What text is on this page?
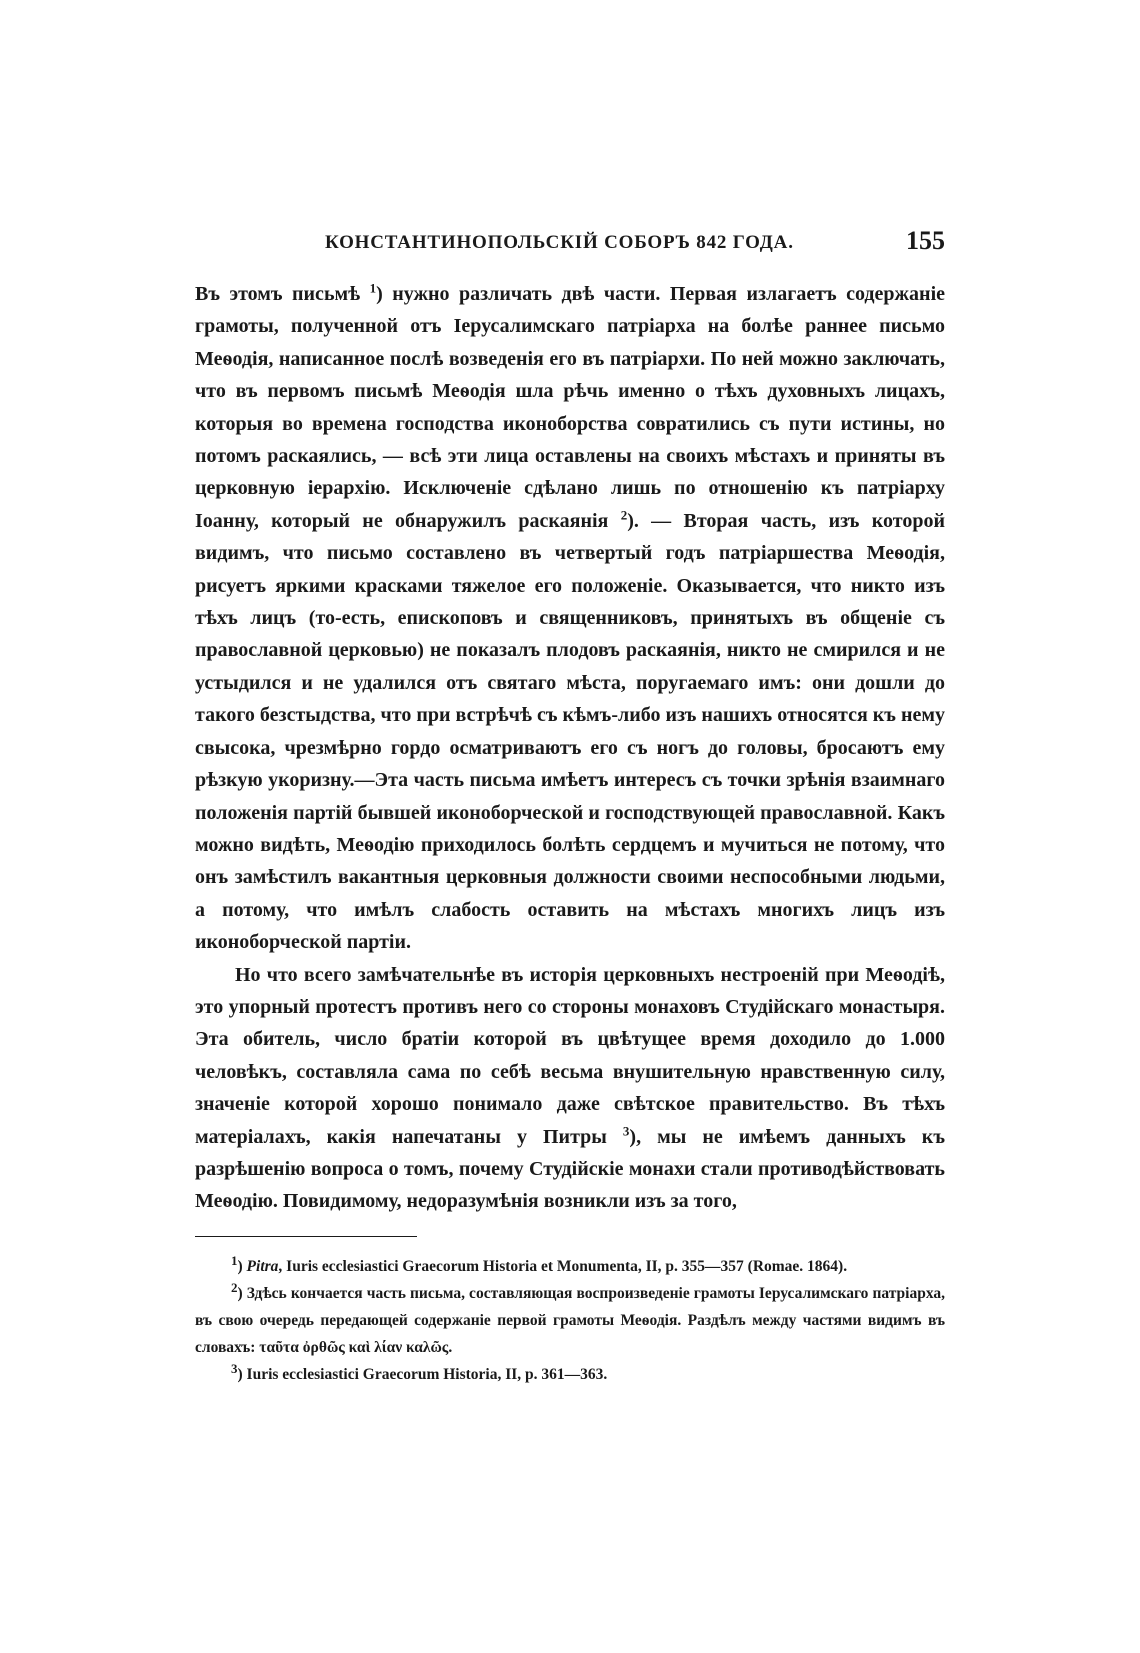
КОНСТАНТИНОПОЛЬСКІЙ СОБОРЪ 842 ГОДА.	155

Въ этомъ письмѣ $^1$) нужно различать двѣ части. Первая излагаетъ содержаніе грамоты, полученной отъ Іерусалимскаго патріарха на болѣе раннее письмо Меѳодія, написанное послѣ возведенія его въ патріархи. По ней можно заключать, что въ первомъ письмѣ Меѳодія шла рѣчь именно о тѣхъ духовныхъ лицахъ, которыя во времена господства иконоборства совратились съ пути истины, но потомъ раскаялись, — всѣ эти лица оставлены на своихъ мѣстахъ и приняты въ церковную іерархію. Исключеніе сдѣлано лишь по отношенію къ патріарху Іоанну, который не обнаружилъ раскаянія $^2$). — Вторая часть, изъ которой видимъ, что письмо составлено въ четвертый годъ патріаршества Меѳодія, рисуетъ яркими красками тяжелое его положеніе. Оказывается, что никто изъ тѣхъ лицъ (то-есть, епископовъ и священниковъ, принятыхъ въ общеніе съ православной церковью) не показалъ плодовъ раскаянія, никто не смирился и не устыдился и не удалился отъ святаго мѣста, поругаемаго имъ: они дошли до такого безстыдства, что при встрѣчѣ съ кѣмъ-либо изъ нашихъ относятся къ нему свысока, чрезмѣрно гордо осматриваютъ его съ ногъ до головы, бросаютъ ему рѣзкую укоризну.—Эта часть письма имѣетъ интересъ съ точки зрѣнія взаимнаго положенія партій бывшей иконоборческой и господствующей православной. Какъ можно видѣть, Меѳодію приходилось болѣть сердцемъ и мучиться не потому, что онъ замѣстилъ вакантныя церковныя должности своими неспособными людьми, а потому, что имѣлъ слабость оставить на мѣстахъ многихъ лицъ изъ иконоборческой партіи.

Но что всего замѣчательнѣе въ исторія церковныхъ нестроеній при Меѳодіѣ, это упорный протестъ противъ него со стороны монаховъ Студійскаго монастыря. Эта обитель, число братіи которой въ цвѣтущее время доходило до 1.000 человѣкъ, составляла сама по себѣ весьма внушительную нравственную силу, значеніе которой хорошо понимало даже свѣтское правительство. Въ тѣхъ матеріалахъ, какія напечатаны у Питры $^3$), мы не имѣемъ данныхъ къ разрѣшенію вопроса о томъ, почему Студійскіе монахи стали противодѣйствовать Меѳодію. Повидимому, недоразумѣнія возникли изъ за того,

$^1$) Pitra, Iuris ecclesiastici Graecorum Historia et Monumenta, II, p. 355—357 (Romae. 1864).

$^2$) Здѣсь кончается часть письма, составляющая воспроизведеніе грамоты Іерусалимскаго патріарха, въ свою очередь передающей содержаніе первой грамоты Меѳодія. Раздѣлъ между частями видимъ въ словахъ: ταῦτα ὀρθῶς καὶ λίαν καλῶς.

$^3$) Iuris ecclesiastici Graecorum Historia, II, p. 361—363.
